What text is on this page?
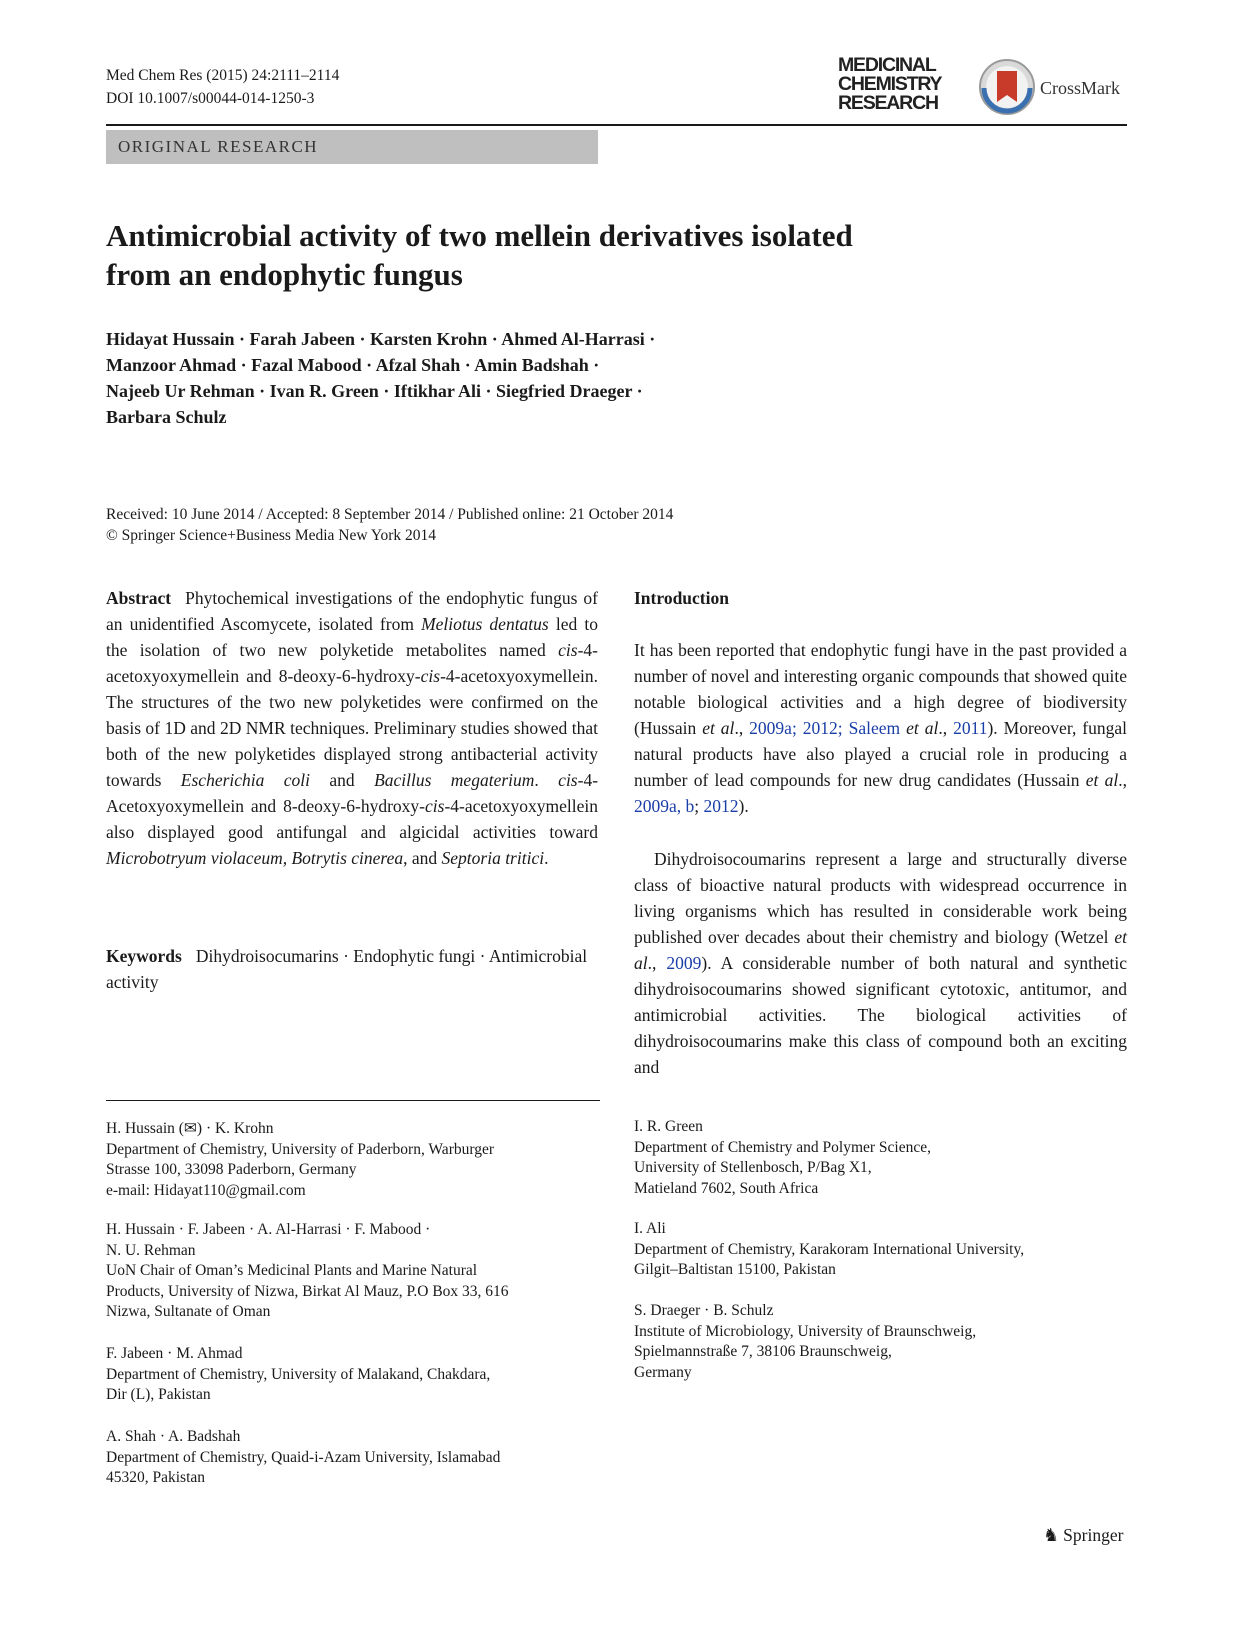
Med Chem Res (2015) 24:2111–2114
DOI 10.1007/s00044-014-1250-3
MEDICINAL
CHEMISTRY
RESEARCH
CrossMark
ORIGINAL RESEARCH
Antimicrobial activity of two mellein derivatives isolated
from an endophytic fungus
Hidayat Hussain · Farah Jabeen · Karsten Krohn · Ahmed Al-Harrasi ·
Manzoor Ahmad · Fazal Mabood · Afzal Shah · Amin Badshah ·
Najeeb Ur Rehman · Ivan R. Green · Iftikhar Ali · Siegfried Draeger ·
Barbara Schulz
Received: 10 June 2014 / Accepted: 8 September 2014 / Published online: 21 October 2014
© Springer Science+Business Media New York 2014
Abstract Phytochemical investigations of the endophytic fungus of an unidentified Ascomycete, isolated from Meliotus dentatus led to the isolation of two new polyketide metabolites named cis-4-acetoxyoxymellein and 8-deoxy-6-hydroxy-cis-4-acetoxyoxymellein. The structures of the two new polyketides were confirmed on the basis of 1D and 2D NMR techniques. Preliminary studies showed that both of the new polyketides displayed strong antibacterial activity towards Escherichia coli and Bacillus megaterium. cis-4-Acetoxyoxymellein and 8-deoxy-6-hydroxy-cis-4-acetoxyoxymellein also displayed good antifungal and algicidal activities toward Microbotryum violaceum, Botrytis cinerea, and Septoria tritici.
Keywords Dihydroisocumarins · Endophytic fungi · Antimicrobial activity
Introduction
It has been reported that endophytic fungi have in the past provided a number of novel and interesting organic compounds that showed quite notable biological activities and a high degree of biodiversity (Hussain et al., 2009a; 2012; Saleem et al., 2011). Moreover, fungal natural products have also played a crucial role in producing a number of lead compounds for new drug candidates (Hussain et al., 2009a, b; 2012).
Dihydroisocoumarins represent a large and structurally diverse class of bioactive natural products with widespread occurrence in living organisms which has resulted in considerable work being published over decades about their chemistry and biology (Wetzel et al., 2009). A considerable number of both natural and synthetic dihydroisocoumarins showed significant cytotoxic, antitumor, and antimicrobial activities. The biological activities of dihydroisocoumarins make this class of compound both an exciting and
H. Hussain (✉) · K. Krohn
Department of Chemistry, University of Paderborn, Warburger
Strasse 100, 33098 Paderborn, Germany
e-mail: Hidayat110@gmail.com
H. Hussain · F. Jabeen · A. Al-Harrasi · F. Mabood ·
N. U. Rehman
UoN Chair of Oman’s Medicinal Plants and Marine Natural
Products, University of Nizwa, Birkat Al Mauz, P.O Box 33, 616
Nizwa, Sultanate of Oman
F. Jabeen · M. Ahmad
Department of Chemistry, University of Malakand, Chakdara,
Dir (L), Pakistan
A. Shah · A. Badshah
Department of Chemistry, Quaid-i-Azam University, Islamabad
45320, Pakistan
I. R. Green
Department of Chemistry and Polymer Science,
University of Stellenbosch, P/Bag X1,
Matieland 7602, South Africa
I. Ali
Department of Chemistry, Karakoram International University,
Gilgit–Baltistan 15100, Pakistan
S. Draeger · B. Schulz
Institute of Microbiology, University of Braunschweig,
Spielmannstraße 7, 38106 Braunschweig,
Germany
♞ Springer
